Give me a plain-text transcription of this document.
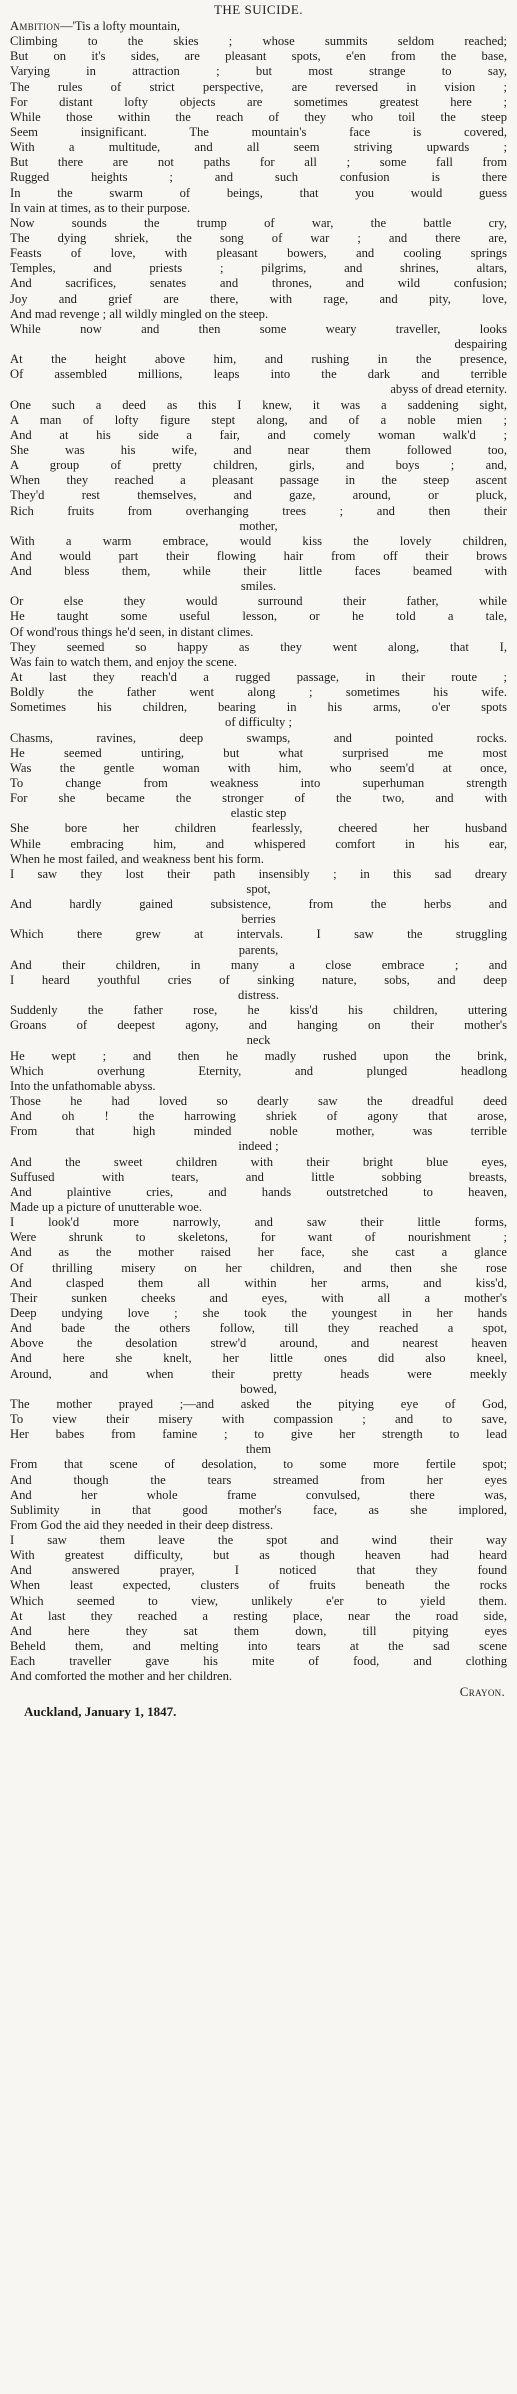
THE SUICIDE.
Ambition—'Tis a lofty mountain,
Climbing to the skies ; whose summits seldom reached;
But on it's sides, are pleasant spots, e'en from the base,
Varying in attraction ; but most strange to say,
The rules of strict perspective, are reversed in vision ;
For distant lofty objects are sometimes greatest here ;
While those within the reach of they who toil the steep
Seem insignificant. The mountain's face is covered,
With a multitude, and all seem striving upwards ;
But there are not paths for all ; some fall from
Rugged heights ; and such confusion is there
In the swarm of beings, that you would guess
In vain at times, as to their purpose.
Now sounds the trump of war, the battle cry,
The dying shriek, the song of war ; and there are,
Feasts of love, with pleasant bowers, and cooling springs
Temples, and priests ; pilgrims, and shrines, altars,
And sacrifices, senates and thrones, and wild confusion;
Joy and grief are there, with rage, and pity, love,
And mad revenge ; all wildly mingled on the steep.
While now and then some weary traveller, looks
despairing
At the height above him, and rushing in the presence,
Of assembled millions, leaps into the dark and terrible
abyss of dread eternity.
One such a deed as this I knew, it was a saddening sight,
A man of lofty figure stept along, and of a noble mien ;
And at his side a fair, and comely woman walk'd ;
She was his wife, and near them followed too,
A group of pretty children, girls, and boys ; and,
When they reached a pleasant passage in the steep ascent
They'd rest themselves, and gaze, around, or pluck,
Rich fruits from overhanging trees ; and then their
mother,
With a warm embrace, would kiss the lovely children,
And would part their flowing hair from off their brows
And bless them, while their little faces beamed with
smiles.
Or else they would surround their father, while
He taught some useful lesson, or he told a tale,
Of wond'rous things he'd seen, in distant climes.
They seemed so happy as they went along, that I,
Was fain to watch them, and enjoy the scene.
At last they reach'd a rugged passage, in their route ;
Boldly the father went along ; sometimes his wife.
Sometimes his children, bearing in his arms, o'er spots
of difficulty ;
Chasms, ravines, deep swamps, and pointed rocks.
He seemed untiring, but what surprised me most
Was the gentle woman with him, who seem'd at once,
To change from weakness into superhuman strength
For she became the stronger of the two, and with
elastic step
She bore her children fearlessly, cheered her husband
While embracing him, and whispered comfort in his ear,
When he most failed, and weakness bent his form.
I saw they lost their path insensibly ; in this sad dreary
spot,
And hardly gained subsistence, from the herbs and
berries
Which there grew at intervals. I saw the struggling
parents,
And their children, in many a close embrace ; and
I heard youthful cries of sinking nature, sobs, and deep
distress.
Suddenly the father rose, he kiss'd his children, uttering
Groans of deepest agony, and hanging on their mother's
neck
He wept ; and then he madly rushed upon the brink,
Which overhung Eternity, and plunged headlong
Into the unfathomable abyss.
Those he had loved so dearly saw the dreadful deed
And oh ! the harrowing shriek of agony that arose,
From that high minded noble mother, was terrible
indeed ;
And the sweet children with their bright blue eyes,
Suffused with tears, and little sobbing breasts,
And plaintive cries, and hands outstretched to heaven,
Made up a picture of unutterable woe.
I look'd more narrowly, and saw their little forms,
Were shrunk to skeletons, for want of nourishment ;
And as the mother raised her face, she cast a glance
Of thrilling misery on her children, and then she rose
And clasped them all within her arms, and kiss'd,
Their sunken cheeks and eyes, with all a mother's
Deep undying love ; she took the youngest in her hands
And bade the others follow, till they reached a spot,
Above the desolation strew'd around, and nearest heaven
And here she knelt, her little ones did also kneel,
Around, and when their pretty heads were meekly
bowed,
The mother prayed ;—and asked the pitying eye of God,
To view their misery with compassion ; and to save,
Her babes from famine ; to give her strength to lead
them
From that scene of desolation, to some more fertile spot;
And though the tears streamed from her eyes
And her whole frame convulsed, there was,
Sublimity in that good mother's face, as she implored,
From God the aid they needed in their deep distress.
I saw them leave the spot and wind their way
With greatest difficulty, but as though heaven had heard
And answered prayer, I noticed that they found
When least expected, clusters of fruits beneath the rocks
Which seemed to view, unlikely e'er to yield them.
At last they reached a resting place, near the road side,
And here they sat them down, till pitying eyes
Beheld them, and melting into tears at the sad scene
Each traveller gave his mite of food, and clothing
And comforted the mother and her children.
Crayon.
Auckland, January 1, 1847.
